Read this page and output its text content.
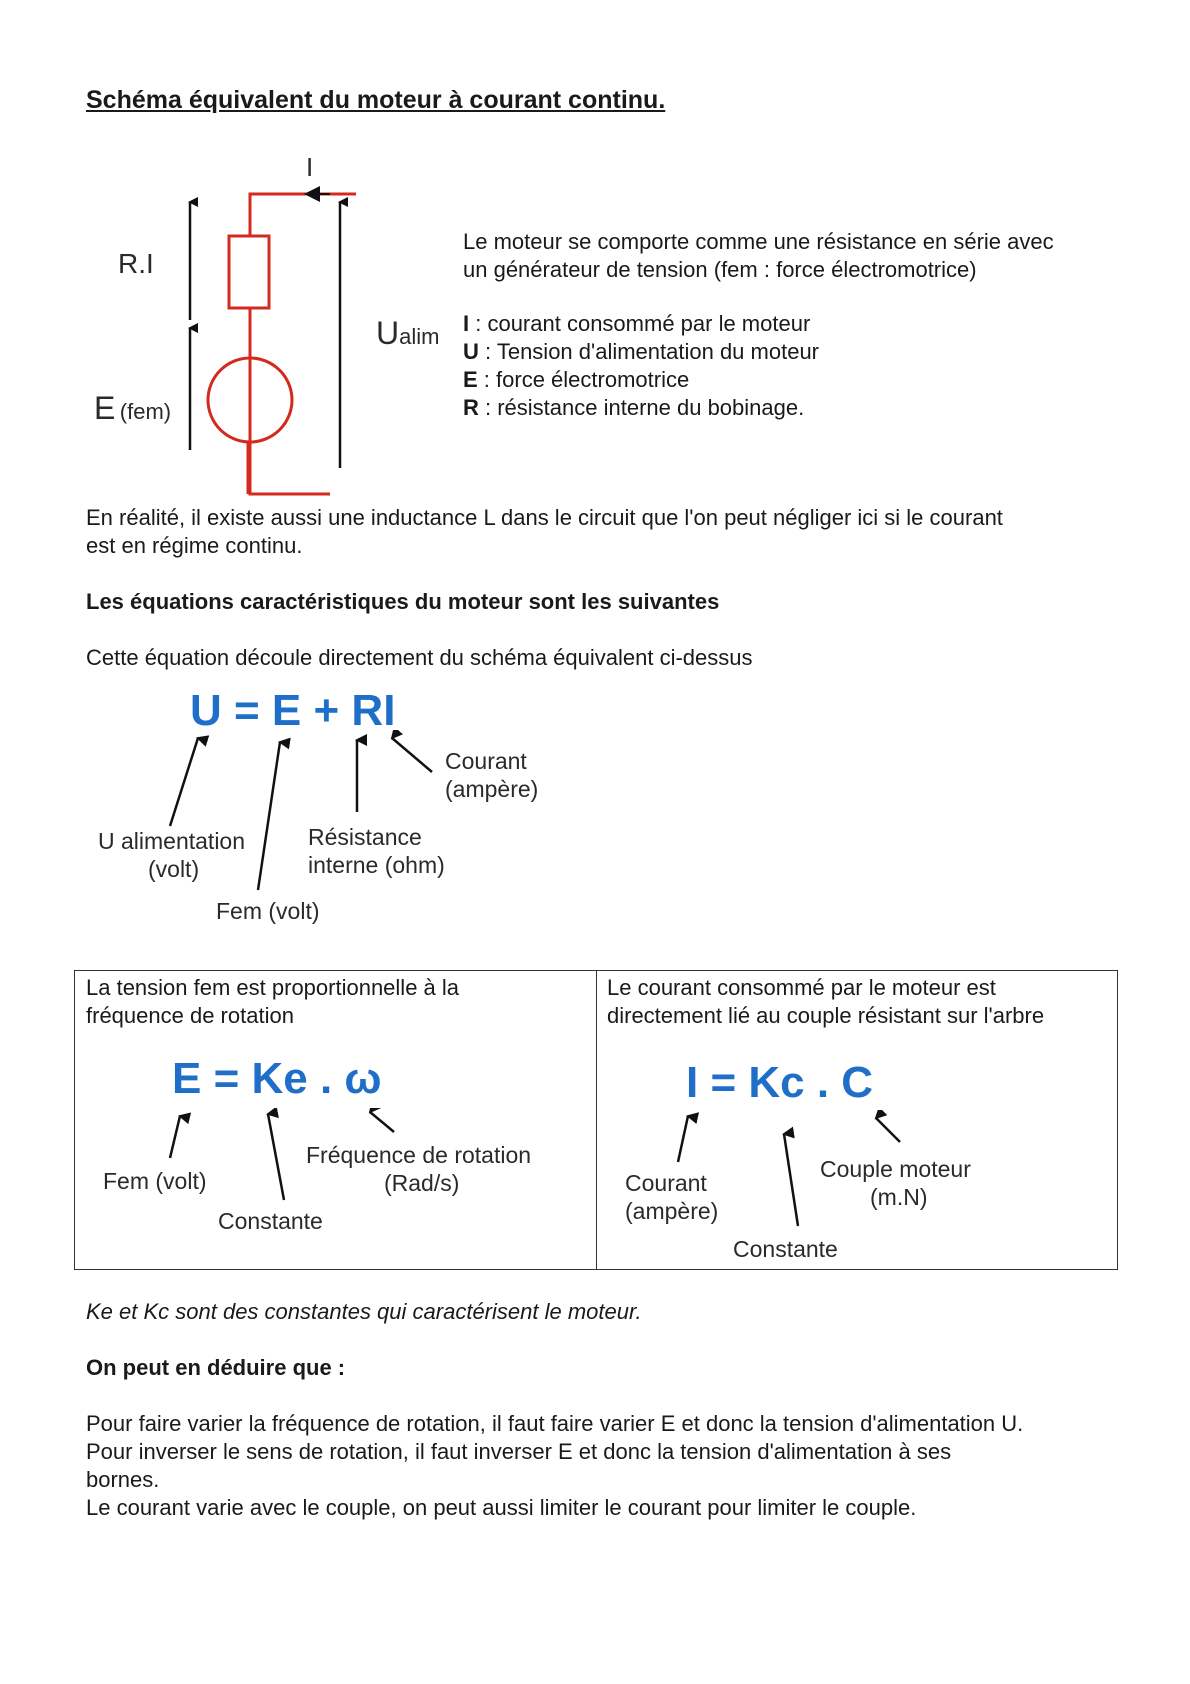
Schéma équivalent du moteur à courant continu.
I
R.I
E (fem)
Ualim
Le moteur se comporte comme une résistance en série avec
un générateur de tension (fem : force électromotrice)
I : courant consommé par le moteur
U : Tension d'alimentation du moteur
E : force électromotrice
R : résistance interne du bobinage.
En réalité, il existe aussi une inductance L dans le circuit que l'on peut négliger ici si le courant
est en régime continu.
Les équations caractéristiques du moteur sont les suivantes
Cette équation découle directement du schéma équivalent ci-dessus
U = E + RI
Courant
(ampère)
U alimentation
(volt)
Résistance
interne (ohm)
Fem (volt)
La tension fem est proportionnelle à la
fréquence de rotation
E = Ke . ω
Fem (volt)
Constante
Fréquence de rotation
(Rad/s)
Le courant consommé par le moteur est
directement lié au couple résistant sur l'arbre
I = Kc . C
Courant
(ampère)
Constante
Couple moteur
(m.N)
Ke et Kc sont des constantes qui caractérisent le moteur.
On peut en déduire que :
Pour faire varier la fréquence de rotation, il faut faire varier E et donc la tension d'alimentation U.
Pour inverser le sens de rotation, il faut inverser E et donc la tension d'alimentation à ses
bornes.
Le courant varie avec le couple, on peut aussi limiter le courant pour limiter le couple.
